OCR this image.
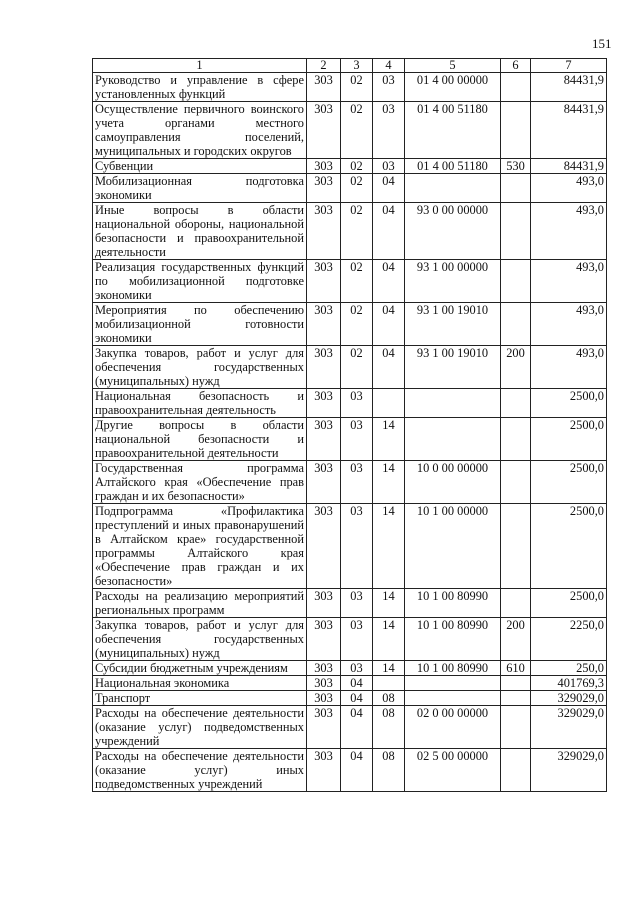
151
1	2	3	4	5	6	7
Руководство и управление в сфере установленных функций	303	02	03	01 4 00 00000		84431,9
Осуществление первичного воинского учета органами местного самоуправления поселений, муниципальных и городских округов	303	02	03	01 4 00 51180		84431,9
Субвенции	303	02	03	01 4 00 51180	530	84431,9
Мобилизационная подготовка экономики	303	02	04			493,0
Иные вопросы в области национальной обороны, национальной безопасности и правоохранительной деятельности	303	02	04	93 0 00 00000		493,0
Реализация государственных функций по мобилизационной подготовке экономики	303	02	04	93 1 00 00000		493,0
Мероприятия по обеспечению мобилизационной готовности экономики	303	02	04	93 1 00 19010		493,0
Закупка товаров, работ и услуг для обеспечения государственных (муниципальных) нужд	303	02	04	93 1 00 19010	200	493,0
Национальная безопасность и правоохранительная деятельность	303	03				2500,0
Другие вопросы в области национальной безопасности и правоохранительной деятельности	303	03	14			2500,0
Государственная программа Алтайского края «Обеспечение прав граждан и их безопасности»	303	03	14	10 0 00 00000		2500,0
Подпрограмма «Профилактика преступлений и иных правонарушений в Алтайском крае» государственной программы Алтайского края «Обеспечение прав граждан и их безопасности»	303	03	14	10 1 00 00000		2500,0
Расходы на реализацию мероприятий региональных программ	303	03	14	10 1 00 80990		2500,0
Закупка товаров, работ и услуг для обеспечения государственных (муниципальных) нужд	303	03	14	10 1 00 80990	200	2250,0
Субсидии бюджетным учреждениям	303	03	14	10 1 00 80990	610	250,0
Национальная экономика	303	04				401769,3
Транспорт	303	04	08			329029,0
Расходы на обеспечение деятельности (оказание услуг) подведомственных учреждений	303	04	08	02 0 00 00000		329029,0
Расходы на обеспечение деятельности (оказание услуг) иных подведомственных учреждений	303	04	08	02 5 00 00000		329029,0
